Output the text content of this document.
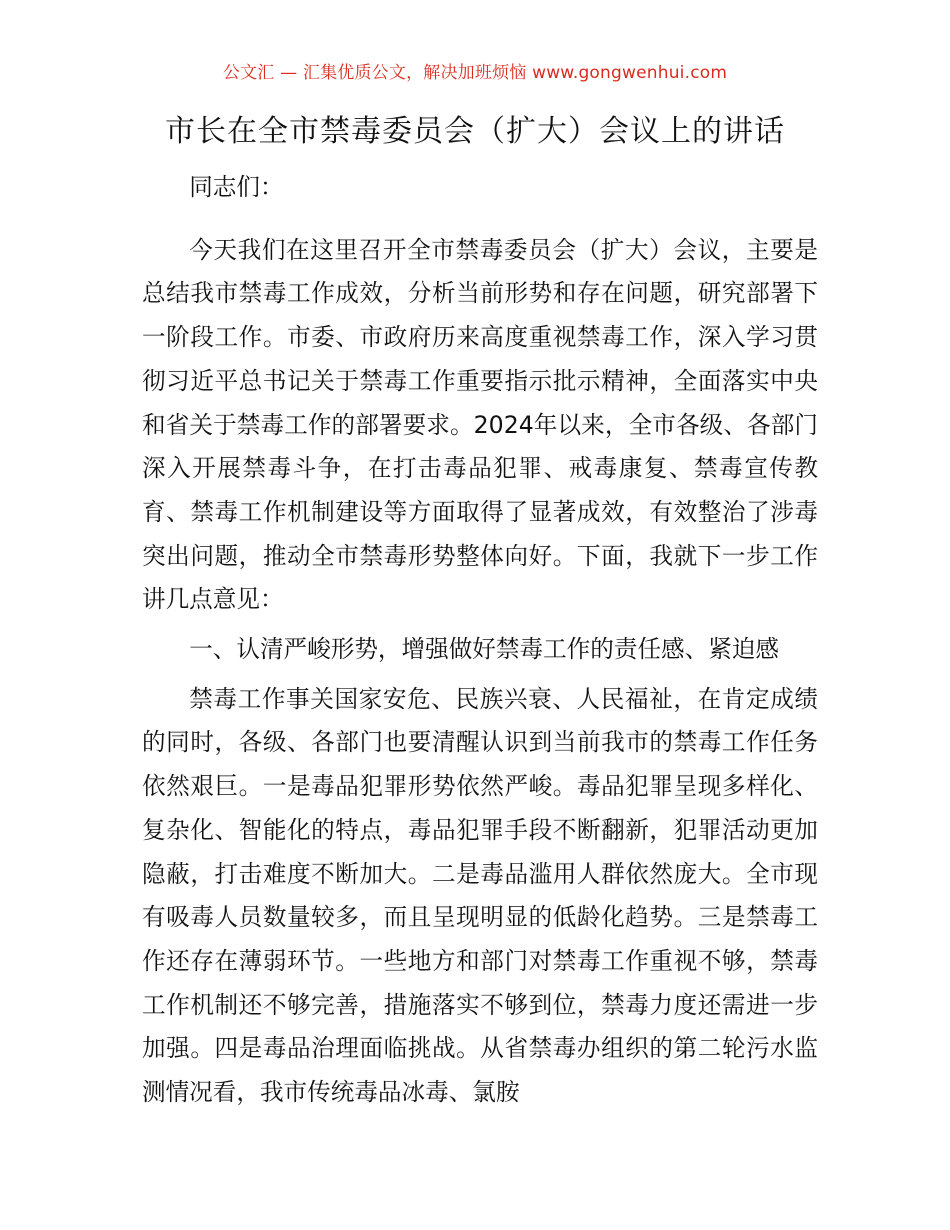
公文汇 — 汇集优质公文，解决加班烦恼 www.gongwenhui.com
市长在全市禁毒委员会（扩大）会议上的讲话

同志们：

今天我们在这里召开全市禁毒委员会（扩大）会议，主要是总结我市禁毒工作成效，分析当前形势和存在问题，研究部署下一阶段工作。市委、市政府历来高度重视禁毒工作，深入学习贯彻习近平总书记关于禁毒工作重要指示批示精神，全面落实中央和省关于禁毒工作的部署要求。2024年以来，全市各级、各部门深入开展禁毒斗争，在打击毒品犯罪、戒毒康复、禁毒宣传教育、禁毒工作机制建设等方面取得了显著成效，有效整治了涉毒突出问题，推动全市禁毒形势整体向好。下面，我就下一步工作讲几点意见：

一、认清严峻形势，增强做好禁毒工作的责任感、紧迫感

禁毒工作事关国家安危、民族兴衰、人民福祉，在肯定成绩的同时，各级、各部门也要清醒认识到当前我市的禁毒工作任务依然艰巨。一是毒品犯罪形势依然严峻。毒品犯罪呈现多样化、复杂化、智能化的特点，毒品犯罪手段不断翻新，犯罪活动更加隐蔽，打击难度不断加大。二是毒品滥用人群依然庞大。全市现有吸毒人员数量较多，而且呈现明显的低龄化趋势。三是禁毒工作还存在薄弱环节。一些地方和部门对禁毒工作重视不够，禁毒工作机制还不够完善，措施落实不够到位，禁毒力度还需进一步加强。四是毒品治理面临挑战。从省禁毒办组织的第二轮污水监测情况看，我市传统毒品冰毒、氯胺
